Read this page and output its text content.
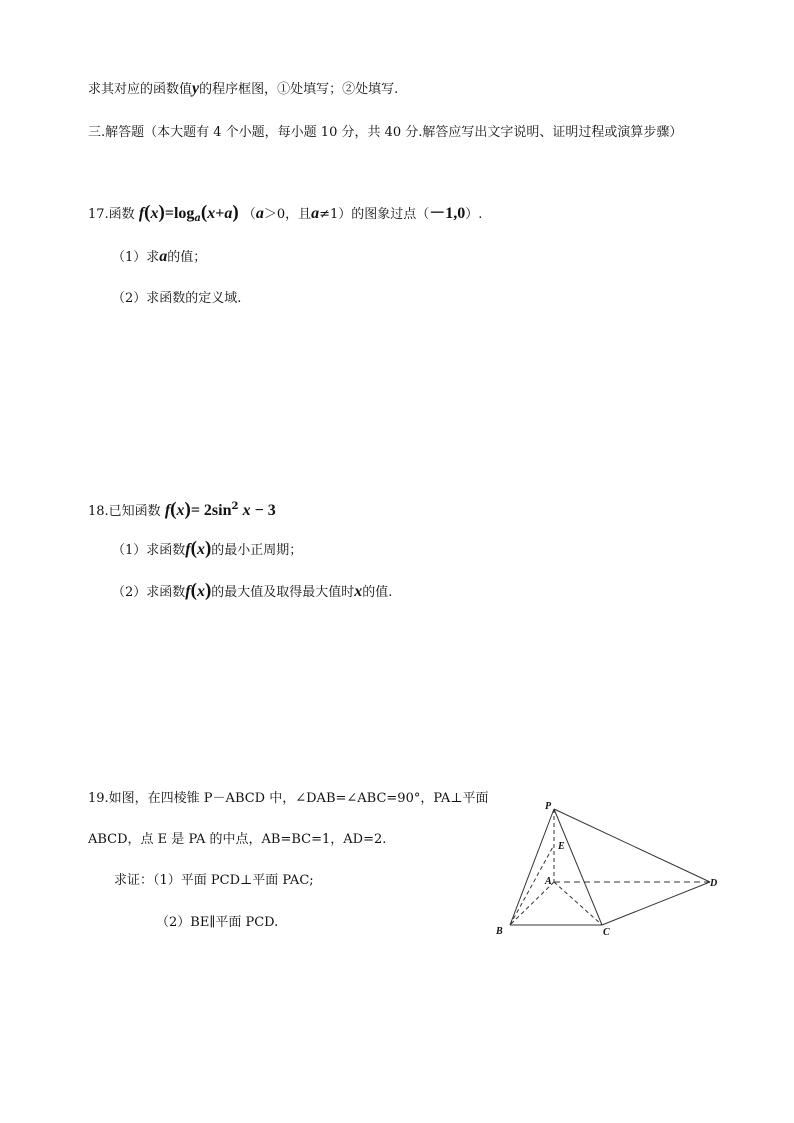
求其对应的函数值y的程序框图，①处填写；②处填写.
三.解答题（本大题有 4 个小题，每小题 10 分，共 40 分.解答应写出文字说明、证明过程或演算步骤）
17.函数 $f(x)=\log_a(x+a)$ （a＞0，且a≠1）的图象过点（－1,0）.
（1）求a的值；
（2）求函数的定义域.
18.已知函数 $f(x)= 2\sin^2$ x − 3
（1）求函数f(x)的最小正周期；
（2）求函数f(x)的最大值及取得最大值时x的值.
19.如图，在四棱锥 P－ABCD 中，∠DAB=∠ABC=90°，PA⊥平面
ABCD，点 E 是 PA 的中点，AB=BC=1，AD=2.
求证：（1）平面 PCD⊥平面 PAC;
（2）BE∥平面 PCD.
P
E
A
B	C
D
